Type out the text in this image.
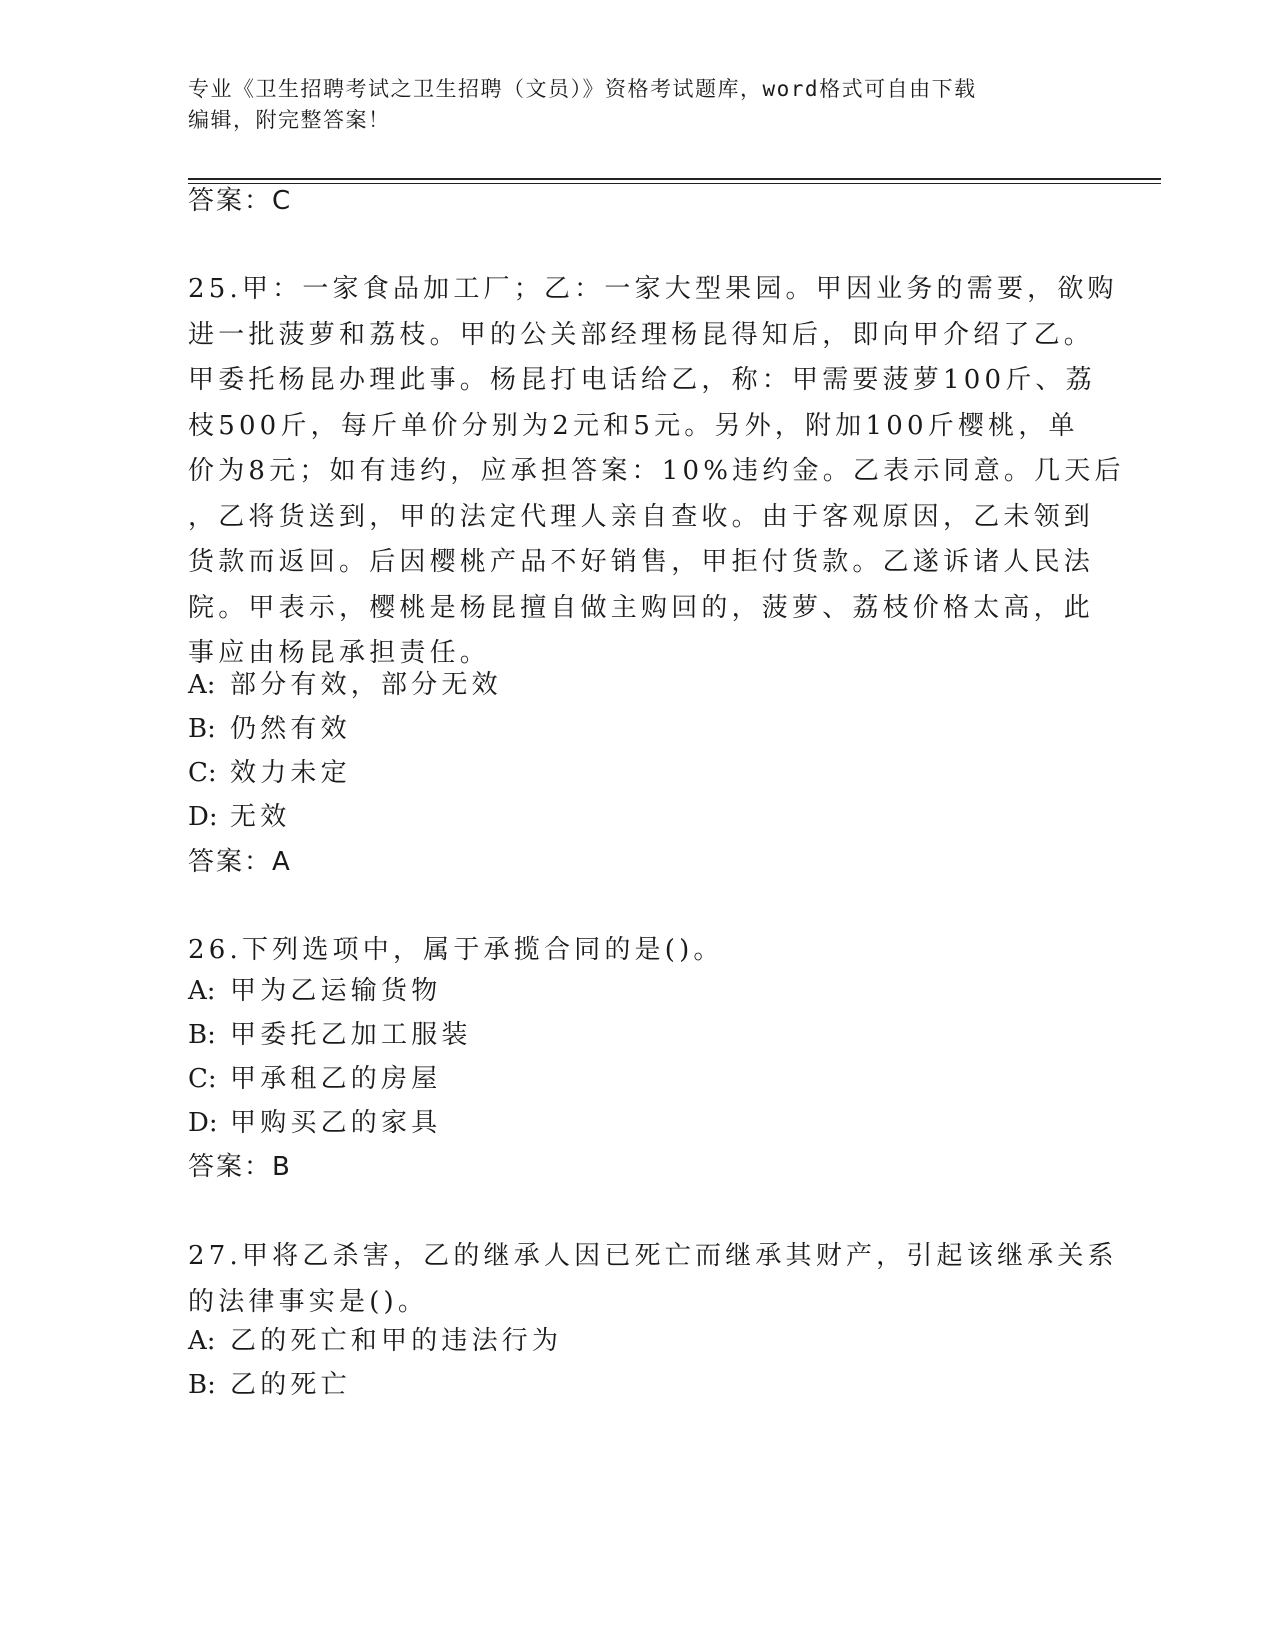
专业《卫生招聘考试之卫生招聘（文员）》资格考试题库，word格式可自由下载
编辑，附完整答案！
答案：C
25.甲：一家食品加工厂；乙：一家大型果园。甲因业务的需要，欲购
进一批菠萝和荔枝。甲的公关部经理杨昆得知后，即向甲介绍了乙。
甲委托杨昆办理此事。杨昆打电话给乙，称：甲需要菠萝100斤、荔
枝500斤，每斤单价分别为2元和5元。另外，附加100斤樱桃，单
价为8元；如有违约，应承担答案：10%违约金。乙表示同意。几天后
，乙将货送到，甲的法定代理人亲自查收。由于客观原因，乙未领到
货款而返回。后因樱桃产品不好销售，甲拒付货款。乙遂诉诸人民法
院。甲表示，樱桃是杨昆擅自做主购回的，菠萝、荔枝价格太高，此
事应由杨昆承担责任。
A: 部分有效，部分无效
B: 仍然有效
C: 效力未定
D: 无效
答案：A
26.下列选项中，属于承揽合同的是()。
A: 甲为乙运输货物
B: 甲委托乙加工服装
C: 甲承租乙的房屋
D: 甲购买乙的家具
答案：B
27.甲将乙杀害，乙的继承人因已死亡而继承其财产，引起该继承关系
的法律事实是()。
A: 乙的死亡和甲的违法行为
B: 乙的死亡
